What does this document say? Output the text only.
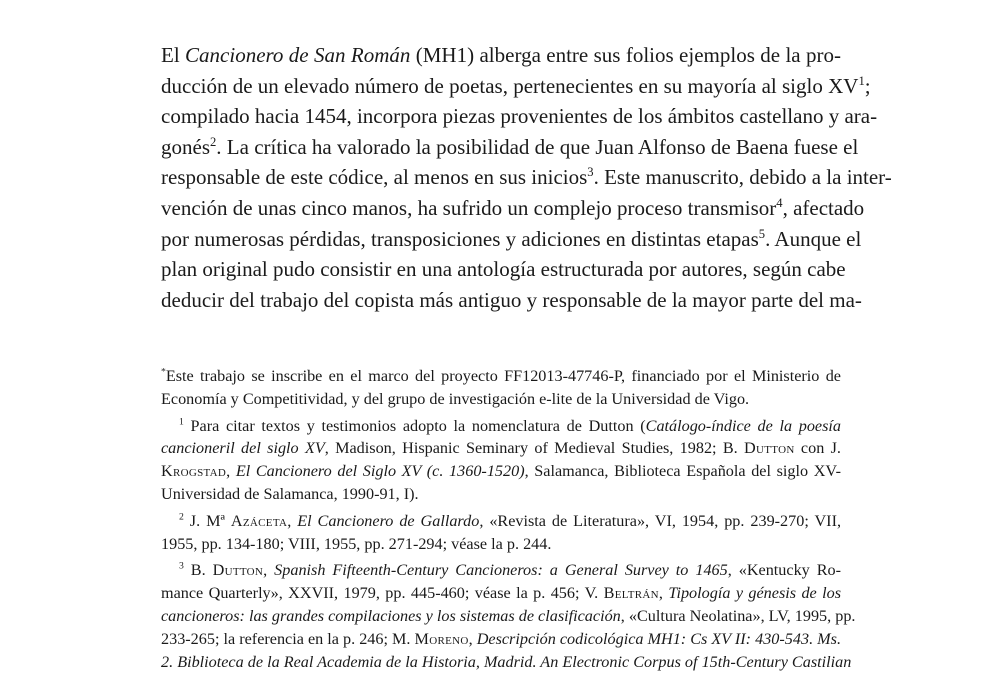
El Cancionero de San Román (MH1) alberga entre sus folios ejemplos de la pro-
ducción de un elevado número de poetas, pertenecientes en su mayoría al siglo $XV^1$;
compilado hacia 1454, incorpora piezas provenientes de los ámbitos castellano y ara-
gonés$^2$. La crítica ha valorado la posibilidad de que Juan Alfonso de Baena fuese el
responsable de este códice, al menos en sus inicios$^3$. Este manuscrito, debido a la inter-
vención de unas cinco manos, ha sufrido un complejo proceso transmisor$^4$, afectado
por numerosas pérdidas, transposiciones y adiciones en distintas etapas$^5$. Aunque el
plan original pudo consistir en una antología estructurada por autores, según cabe
deducir del trabajo del copista más antiguo y responsable de la mayor parte del ma-
*Este trabajo se inscribe en el marco del proyecto FF12013-47746-P, financiado por el Ministerio de
Economía y Competitividad, y del grupo de investigación e-lite de la Universidad de Vigo.
$^1$ Para citar textos y testimonios adopto la nomenclatura de Dutton (Catálogo-índice de la poesía
cancioneril del siglo XV, Madison, Hispanic Seminary of Medieval Studies, 1982; B. Dutton con J.
Krogstad, El Cancionero del Siglo XV (c. 1360-1520), Salamanca, Biblioteca Española del siglo XV-
Universidad de Salamanca, 1990-91, I).
$^2$ J. Mª Azáceta, El Cancionero de Gallardo, «Revista de Literatura», VI, 1954, pp. 239-270; VII,
1955, pp. 134-180; VIII, 1955, pp. 271-294; véase la p. 244.
$^3$ B. Dutton, Spanish Fifteenth-Century Cancioneros: a General Survey to 1465, «Kentucky Ro-
mance Quarterly», XXVII, 1979, pp. 445-460; véase la p. 456; V. Beltrán, Tipología y génesis de los
cancioneros: las grandes compilaciones y los sistemas de clasificación, «Cultura Neolatina», LV, 1995, pp.
233-265; la referencia en la p. 246; M. Moreno, Descripción codicológica MH1: Cs XV II: 430-543. Ms.
2. Biblioteca de la Real Academia de la Historia, Madrid. An Electronic Corpus of 15th-Century Castilian
